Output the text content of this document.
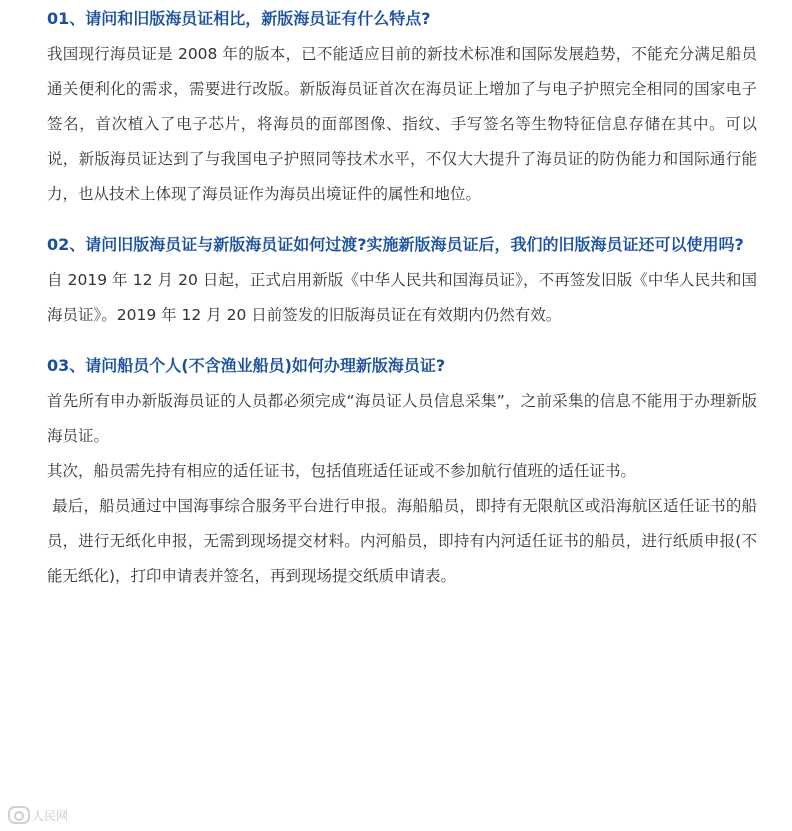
01、请问和旧版海员证相比，新版海员证有什么特点?

我国现行海员证是 2008 年的版本，已不能适应目前的新技术标准和国际发展趋势，不能充分满足船员通关便利化的需求，需要进行改版。新版海员证首次在海员证上增加了与电子护照完全相同的国家电子签名，首次植入了电子芯片，将海员的面部图像、指纹、手写签名等生物特征信息存储在其中。可以说，新版海员证达到了与我国电子护照同等技术水平，不仅大大提升了海员证的防伪能力和国际通行能力，也从技术上体现了海员证作为海员出境证件的属性和地位。

02、请问旧版海员证与新版海员证如何过渡?实施新版海员证后，我们的旧版海员证还可以使用吗?

自 2019 年 12 月 20 日起，正式启用新版《中华人民共和国海员证》，不再签发旧版《中华人民共和国海员证》。2019 年 12 月 20 日前签发的旧版海员证在有效期内仍然有效。

03、请问船员个人(不含渔业船员)如何办理新版海员证?

首先所有申办新版海员证的人员都必须完成“海员证人员信息采集”，之前采集的信息不能用于办理新版海员证。

其次，船员需先持有相应的适任证书，包括值班适任证或不参加航行值班的适任证书。

最后，船员通过中国海事综合服务平台进行申报。海船船员，即持有无限航区或沿海航区适任证书的船员，进行无纸化申报，无需到现场提交材料。内河船员，即持有内河适任证书的船员，进行纸质申报(不能无纸化)，打印申请表并签名，再到现场提交纸质申请表。

人民网
